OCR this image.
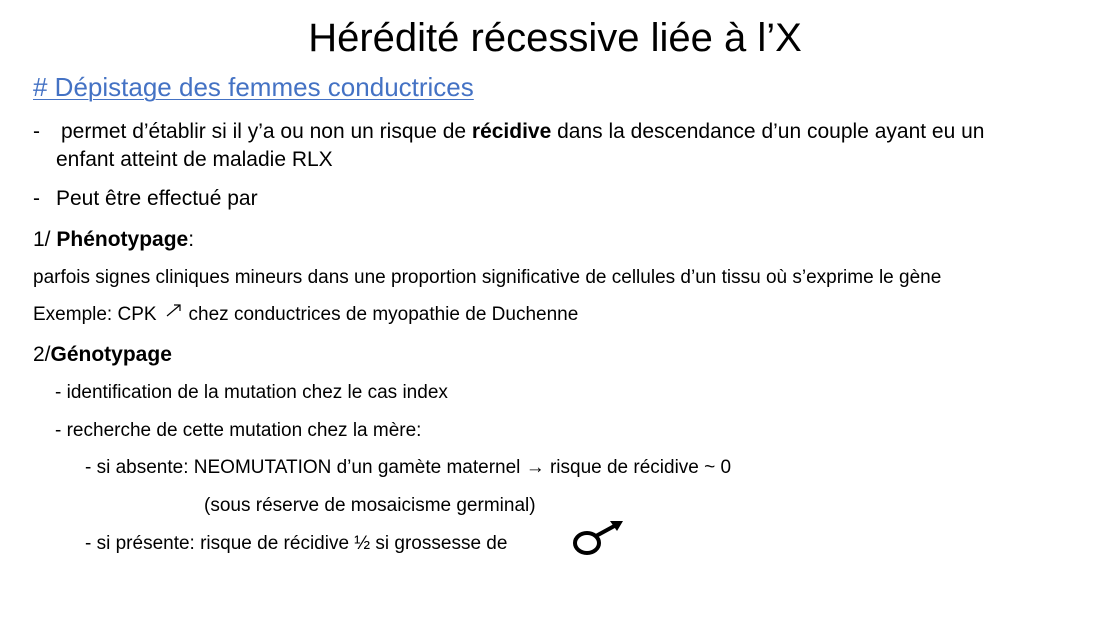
Hérédité récessive liée à l’X
# Dépistage des femmes conductrices
- permet d’établir si il y’a ou non un risque de récidive dans la descendance d’un couple ayant eu un
enfant atteint de maladie RLX
- Peut être effectué par
1/ Phénotypage:
parfois signes cliniques mineurs dans une proportion significative de cellules d’un tissu où s’exprime le gène
Exemple: CPK chez conductrices de myopathie de Duchenne
2/Génotypage
- identification de la mutation chez le cas index
- recherche de cette mutation chez la mère:
- si absente: NEOMUTATION d’un gamète maternel → risque de récidive ~ 0
(sous réserve de mosaicisme germinal)
- si présente: risque de récidive ½ si grossesse de
